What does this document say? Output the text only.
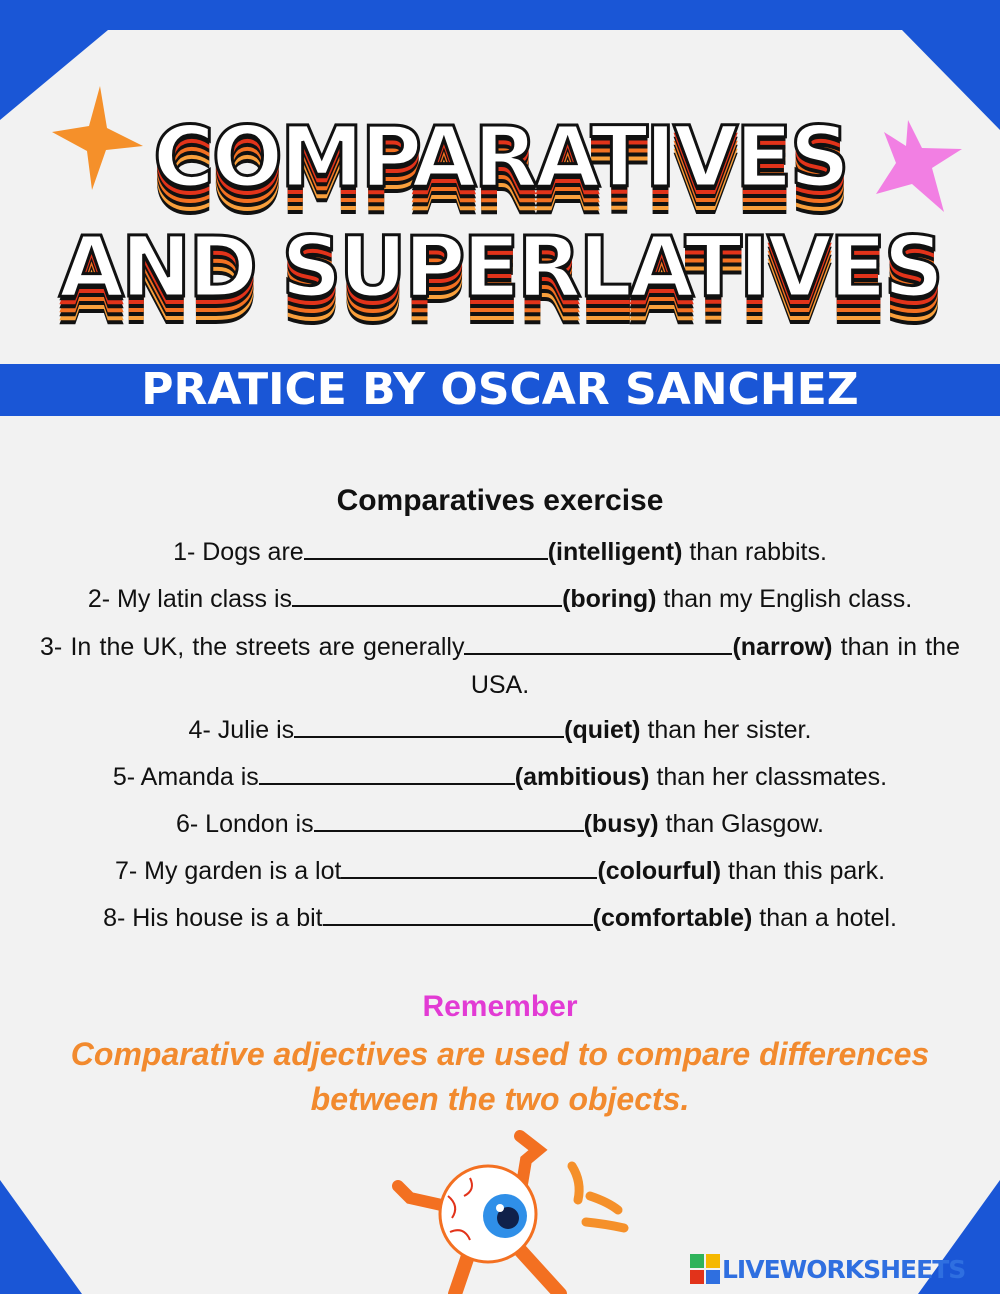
COMPARATIVES
AND SUPERLATIVES
PRATICE BY OSCAR SANCHEZ
Comparatives exercise
1- Dogs are	(intelligent) than rabbits.
2- My latin class is	(boring) than my English class.
3- In the UK, the streets are generally	(narrow) than in the USA.
4- Julie is	(quiet) than her sister.
5- Amanda is	(ambitious) than her classmates.
6- London is	(busy) than Glasgow.
7- My garden is a lot	(colourful) than this park.
8- His house is a bit	(comfortable) than a hotel.
Remember
Comparative adjectives are used to compare differences between the two objects.
LIVEWORKSHEETS
